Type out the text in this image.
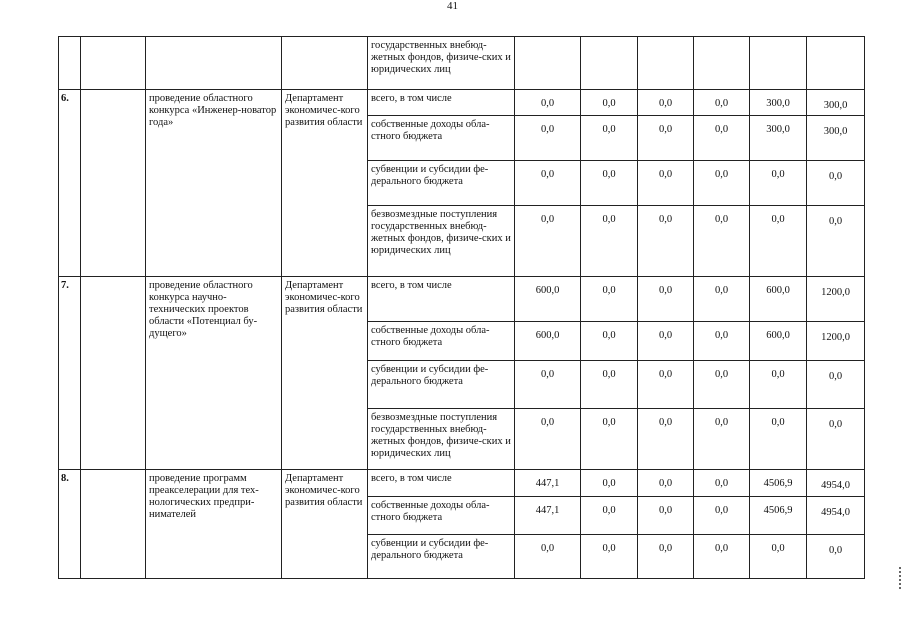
41
				государственных внебюд-жетных фондов, физиче-ских и юридических лиц						
6.		проведение областного конкурса «Инженер-новатор года»	Департамент экономичес-кого развития области	всего, в том числе	0,0	0,0	0,0	0,0	300,0	300,0
				собственные доходы обла-стного бюджета	0,0	0,0	0,0	0,0	300,0	300,0
				субвенции и субсидии фе-дерального бюджета	0,0	0,0	0,0	0,0	0,0	0,0
				безвозмездные поступления государственных внебюд-жетных фондов, физиче-ских и юридических лиц	0,0	0,0	0,0	0,0	0,0	0,0
7.		проведение областного конкурса научно-технических проектов области «Потенциал бу-дущего»	Департамент экономичес-кого развития области	всего, в том числе	600,0	0,0	0,0	0,0	600,0	1200,0
				собственные доходы обла-стного бюджета	600,0	0,0	0,0	0,0	600,0	1200,0
				субвенции и субсидии фе-дерального бюджета	0,0	0,0	0,0	0,0	0,0	0,0
				безвозмездные поступления государственных внебюд-жетных фондов, физиче-ских и юридических лиц	0,0	0,0	0,0	0,0	0,0	0,0
8.		проведение программ преакселерации для тех-нологических предпри-нимателей	Департамент экономичес-кого развития области	всего, в том числе	447,1	0,0	0,0	0,0	4506,9	4954,0
				собственные доходы обла-стного бюджета	447,1	0,0	0,0	0,0	4506,9	4954,0
				субвенции и субсидии фе-дерального бюджета	0,0	0,0	0,0	0,0	0,0	0,0
